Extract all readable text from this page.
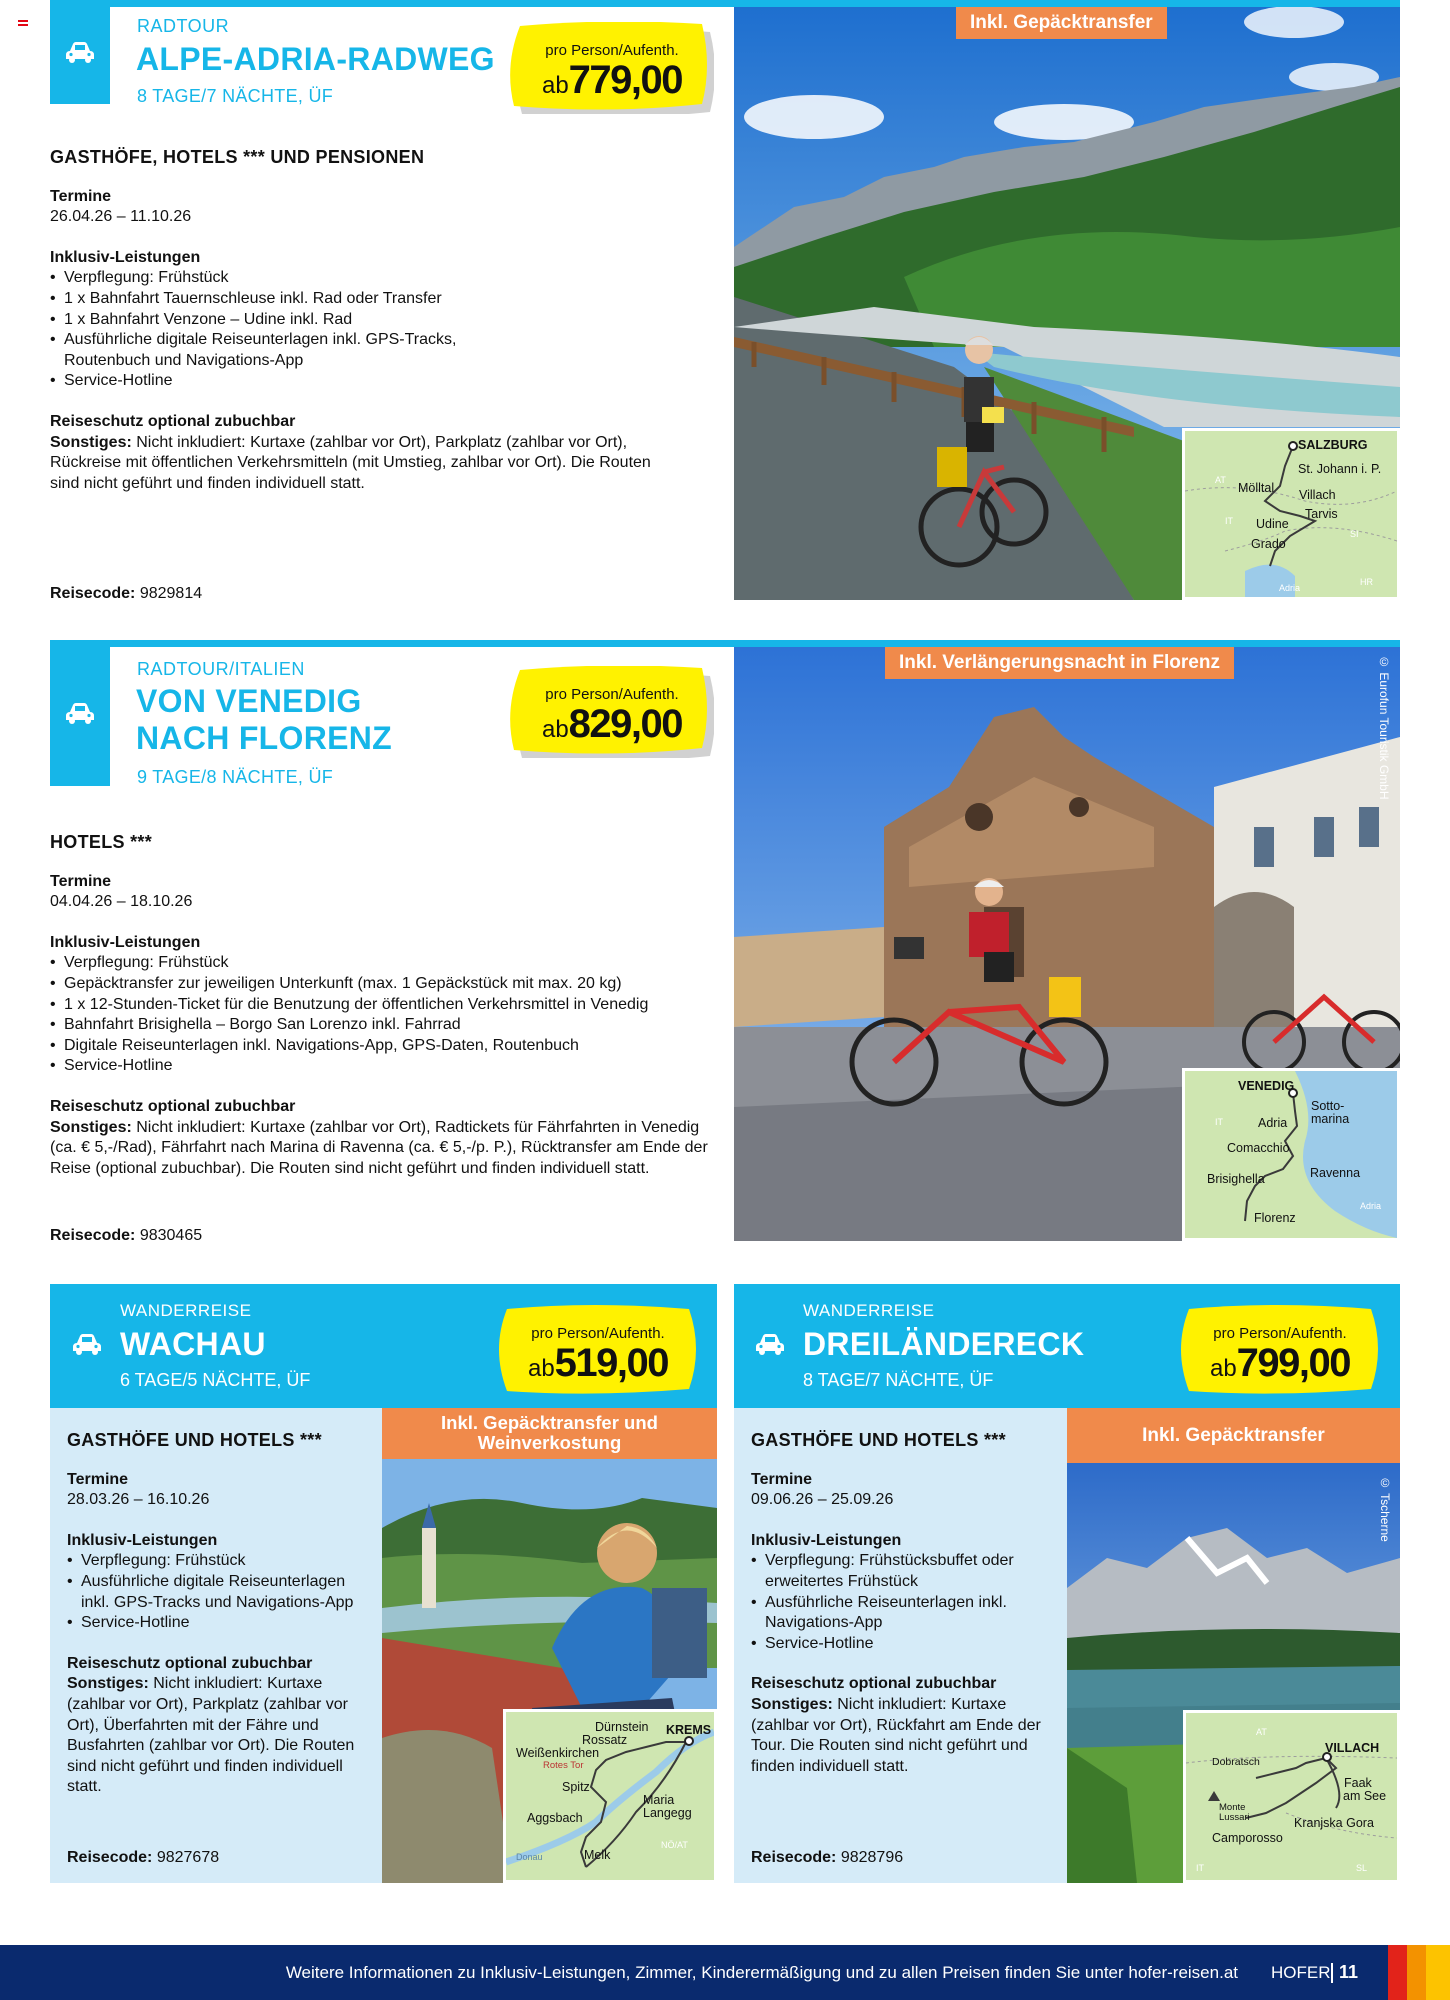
RADTOUR
ALPE-ADRIA-RADWEG
8 TAGE/7 NÄCHTE, ÜF
pro Person/Aufenth.
ab779,00
GASTHÖFE, HOTELS *** UND PENSIONEN

Termine

26.04.26 – 11.10.26

Inklusiv-Leistungen

• Verpflegung: Frühstück
• 1 x Bahnfahrt Tauernschleuse inkl. Rad oder Transfer
• 1 x Bahnfahrt Venzone – Udine inkl. Rad
• Ausführliche digitale Reiseunterlagen inkl. GPS-Tracks, Routenbuch und Navigations-App
• Service-Hotline

Reiseschutz optional zubuchbar

Sonstiges: Nicht inkludiert: Kurtaxe (zahlbar vor Ort), Parkplatz (zahlbar vor Ort), Rückreise mit öffentlichen Verkehrsmitteln (mit Umstieg, zahlbar vor Ort). Die Routen sind nicht geführt und finden individuell statt.

Reisecode: 9829814
Inkl. Gepäcktransfer
SALZBURG
St. Johann i. P.
Mölltal Villach
Tarvis
Udine
Grado
AT
IT
SI
HR
Adria
RADTOUR/ITALIEN
VON VENEDIG
NACH FLORENZ
9 TAGE/8 NÄCHTE, ÜF
pro Person/Aufenth.
ab829,00
HOTELS ***

Termine

04.04.26 – 18.10.26

Inklusiv-Leistungen

• Verpflegung: Frühstück
• Gepäcktransfer zur jeweiligen Unterkunft (max. 1 Gepäckstück mit max. 20 kg)
• 1 x 12-Stunden-Ticket für die Benutzung der öffentlichen Verkehrsmittel in Venedig
• Bahnfahrt Brisighella – Borgo San Lorenzo inkl. Fahrrad
• Digitale Reiseunterlagen inkl. Navigations-App, GPS-Daten, Routenbuch
• Service-Hotline

Reiseschutz optional zubuchbar

Sonstiges: Nicht inkludiert: Kurtaxe (zahlbar vor Ort), Radtickets für Fährfahrten in Venedig (ca. € 5,-/Rad), Fährfahrt nach Marina di Ravenna (ca. € 5,-/p. P.), Rücktransfer am Ende der Reise (optional zubuchbar). Die Routen sind nicht geführt und finden individuell statt.

Reisecode: 9830465
Inkl. Verlängerungsnacht in Florenz	© Eurofun Touristik GmbH
VENEDIG
Sotto-
marina
Adria
Comacchio
Ravenna
Brisighella
Florenz
IT
Adria
WANDERREISE
WACHAU
6 TAGE/5 NÄCHTE, ÜF
pro Person/Aufenth.
ab519,00
GASTHÖFE UND HOTELS ***

Termine

28.03.26 – 16.10.26

Inklusiv-Leistungen

• Verpflegung: Frühstück
• Ausführliche digitale Reiseunterlagen inkl. GPS-Tracks und Navigations-App
• Service-Hotline

Reiseschutz optional zubuchbar

Sonstiges: Nicht inkludiert: Kurtaxe (zahlbar vor Ort), Parkplatz (zahlbar vor Ort), Überfahrten mit der Fähre und Busfahrten (zahlbar vor Ort). Die Routen sind nicht geführt und finden individuell statt.

Reisecode: 9827678
Inkl. Gepäcktransfer und Weinverkostung
Dürnstein KREMS
Rossatz
Weißenkirchen
Rotes Tor
Spitz
Maria
Langegg
Aggsbach
Donau	Melk
NÖ/AT
WANDERREISE
DREILÄNDERECK
8 TAGE/7 NÄCHTE, ÜF
pro Person/Aufenth.
ab799,00
GASTHÖFE UND HOTELS ***

Termine

09.06.26 – 25.09.26

Inklusiv-Leistungen

• Verpflegung: Frühstücksbuffet oder erweitertes Frühstück
• Ausführliche Reiseunterlagen inkl. Navigations-App
• Service-Hotline

Reiseschutz optional zubuchbar

Sonstiges: Nicht inkludiert: Kurtaxe (zahlbar vor Ort), Rückfahrt am Ende der Tour. Die Routen sind nicht geführt und finden individuell statt.

Reisecode: 9828796
Inkl. Gepäcktransfer
© Tscherne
AT
VILLACH
Dobratsch
Faak
am See
Monte
Lussari	Kranjska Gora
Camporosso
IT	SL
Weitere Informationen zu Inklusiv-Leistungen, Zimmer, Kinderermäßigung und zu allen Preisen finden Sie unter hofer-reisen.at HOFER 11
